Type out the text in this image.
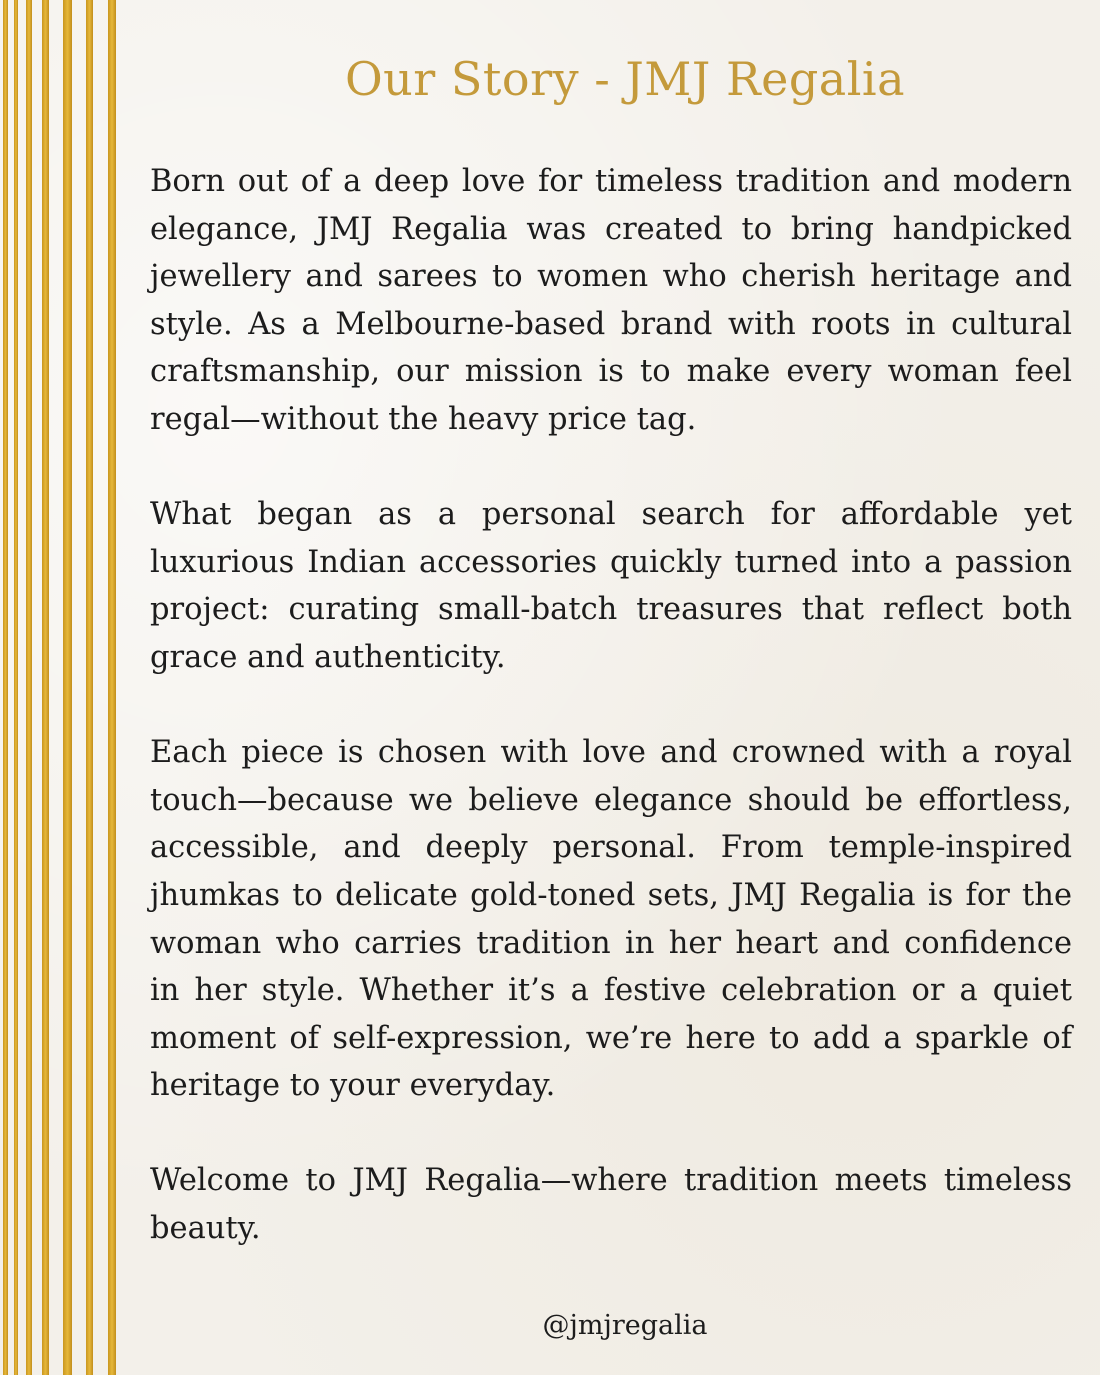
Our Story - JMJ Regalia

Born out of a deep love for timeless tradition and modern elegance, JMJ Regalia was created to bring handpicked jewellery and sarees to women who cherish heritage and style. As a Melbourne-based brand with roots in cultural craftsmanship, our mission is to make every woman feel regal—without the heavy price tag.

What began as a personal search for affordable yet luxurious Indian accessories quickly turned into a passion project: curating small-batch treasures that reflect both grace and authenticity.

Each piece is chosen with love and crowned with a royal touch—because we believe elegance should be effortless, accessible, and deeply personal. From temple-inspired jhumkas to delicate gold-toned sets, JMJ Regalia is for the woman who carries tradition in her heart and confidence in her style. Whether it’s a festive celebration or a quiet moment of self-expression, we’re here to add a sparkle of heritage to your everyday.

Welcome to JMJ Regalia—where tradition meets timeless beauty.

@jmjregalia
